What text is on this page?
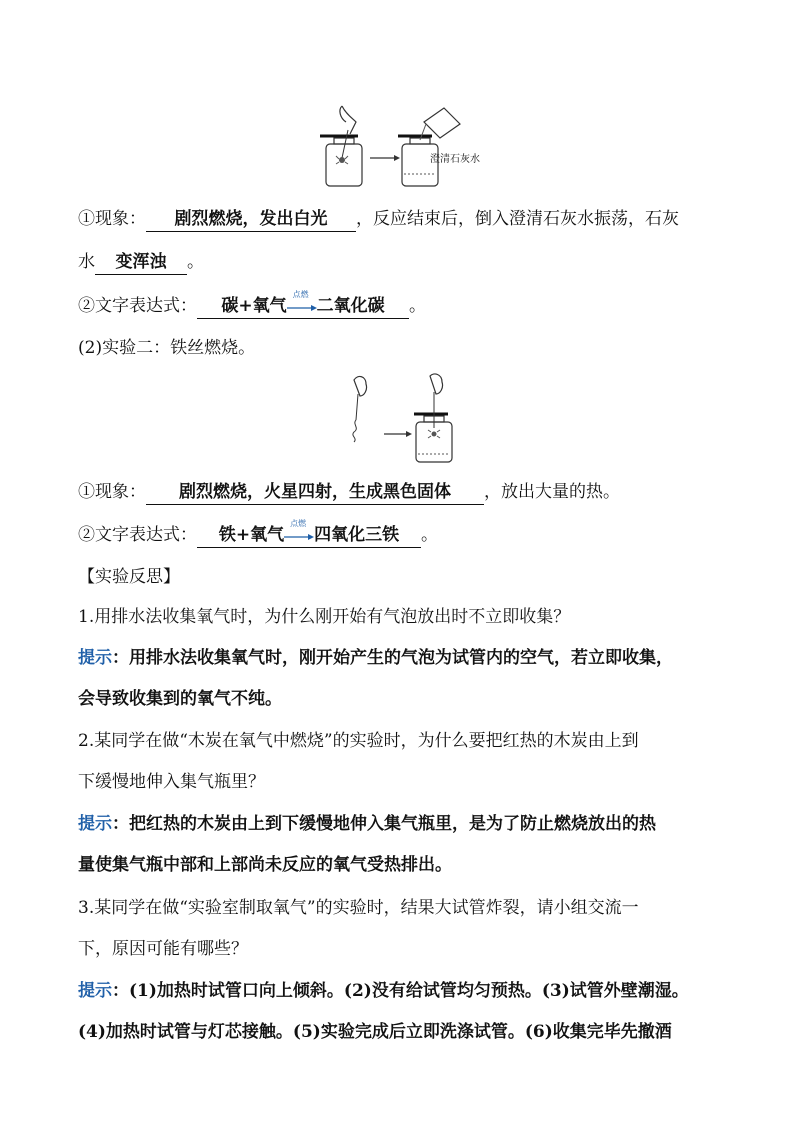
澄清石灰水
①现象： 剧烈燃烧，发出白光 ，反应结束后，倒入澄清石灰水振荡，石灰
水 变浑浊 。
②文字表达式： 碳+氧气
点燃
二氧化碳 。
(2)实验二：铁丝燃烧。
①现象： 剧烈燃烧，火星四射，生成黑色固体 ，放出大量的热。
②文字表达式： 铁+氧气
点燃
四氧化三铁 。
【实验反思】
1.用排水法收集氧气时，为什么刚开始有气泡放出时不立即收集？
提示：用排水法收集氧气时，刚开始产生的气泡为试管内的空气，若立即收集，
会导致收集到的氧气不纯。
2.某同学在做“木炭在氧气中燃烧”的实验时，为什么要把红热的木炭由上到
下缓慢地伸入集气瓶里？
提示：把红热的木炭由上到下缓慢地伸入集气瓶里，是为了防止燃烧放出的热
量使集气瓶中部和上部尚未反应的氧气受热排出。
3.某同学在做“实验室制取氧气”的实验时，结果大试管炸裂，请小组交流一
下，原因可能有哪些？
提示：(1)加热时试管口向上倾斜。(2)没有给试管均匀预热。(3)试管外壁潮湿。
(4)加热时试管与灯芯接触。(5)实验完成后立即洗涤试管。(6)收集完毕先撤酒
